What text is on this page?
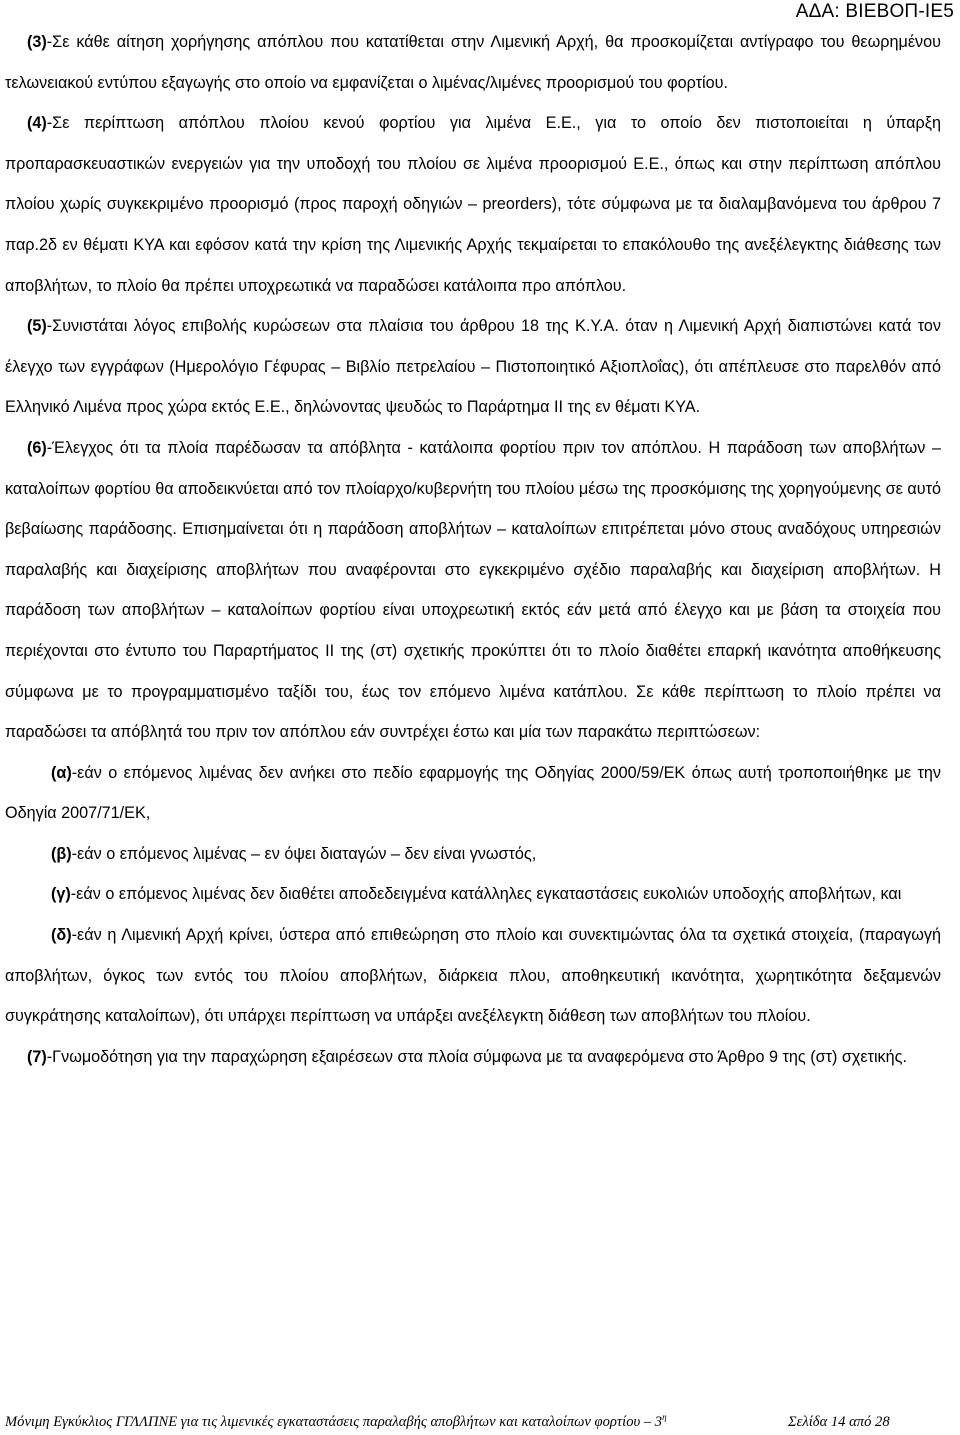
ΑΔΑ: ΒΙΕΒΟΠ-ΙΕ5

(3)-Σε κάθε αίτηση χορήγησης απόπλου που κατατίθεται στην Λιμενική Αρχή, θα προσκομίζεται αντίγραφο του θεωρημένου τελωνειακού εντύπου εξαγωγής στο οποίο να εμφανίζεται ο λιμένας/λιμένες προορισμού του φορτίου.

(4)-Σε περίπτωση απόπλου πλοίου κενού φορτίου για λιμένα Ε.Ε., για το οποίο δεν πιστοποιείται η ύπαρξη προπαρασκευαστικών ενεργειών για την υποδοχή του πλοίου σε λιμένα προορισμού Ε.Ε., όπως και στην περίπτωση απόπλου πλοίου χωρίς συγκεκριμένο προορισμό (προς παροχή οδηγιών – preorders), τότε σύμφωνα με τα διαλαμβανόμενα του άρθρου 7 παρ.2δ εν θέματι ΚΥΑ και εφόσον κατά την κρίση της Λιμενικής Αρχής τεκμαίρεται το επακόλουθο της ανεξέλεγκτης διάθεσης των αποβλήτων, το πλοίο θα πρέπει υποχρεωτικά να παραδώσει κατάλοιπα προ απόπλου.

(5)-Συνιστάται λόγος επιβολής κυρώσεων στα πλαίσια του άρθρου 18 της Κ.Υ.Α. όταν η Λιμενική Αρχή διαπιστώνει κατά τον έλεγχο των εγγράφων (Ημερολόγιο Γέφυρας – Βιβλίο πετρελαίου – Πιστοποιητικό Αξιοπλοΐας), ότι απέπλευσε στο παρελθόν από Ελληνικό Λιμένα προς χώρα εκτός Ε.Ε., δηλώνοντας ψευδώς το Παράρτημα ΙΙ της εν θέματι ΚΥΑ.

(6)-Έλεγχος ότι τα πλοία παρέδωσαν τα απόβλητα - κατάλοιπα φορτίου πριν τον απόπλου. Η παράδοση των αποβλήτων – καταλοίπων φορτίου θα αποδεικνύεται από τον πλοίαρχο/κυβερνήτη του πλοίου μέσω της προσκόμισης της χορηγούμενης σε αυτό βεβαίωσης παράδοσης. Επισημαίνεται ότι η παράδοση αποβλήτων – καταλοίπων επιτρέπεται μόνο στους αναδόχους υπηρεσιών παραλαβής και διαχείρισης αποβλήτων που αναφέρονται στο εγκεκριμένο σχέδιο παραλαβής και διαχείριση αποβλήτων. Η παράδοση των αποβλήτων – καταλοίπων φορτίου είναι υποχρεωτική εκτός εάν μετά από έλεγχο και με βάση τα στοιχεία που περιέχονται στο έντυπο του Παραρτήματος ΙΙ της (στ) σχετικής προκύπτει ότι το πλοίο διαθέτει επαρκή ικανότητα αποθήκευσης σύμφωνα με το προγραμματισμένο ταξίδι του, έως τον επόμενο λιμένα κατάπλου. Σε κάθε περίπτωση το πλοίο πρέπει να παραδώσει τα απόβλητά του πριν τον απόπλου εάν συντρέχει έστω και μία των παρακάτω περιπτώσεων:

(α)-εάν ο επόμενος λιμένας δεν ανήκει στο πεδίο εφαρμογής της Οδηγίας 2000/59/ΕΚ όπως αυτή τροποποιήθηκε με την Οδηγία 2007/71/ΕΚ,

(β)-εάν ο επόμενος λιμένας – εν όψει διαταγών – δεν είναι γνωστός,

(γ)-εάν ο επόμενος λιμένας δεν διαθέτει αποδεδειγμένα κατάλληλες εγκαταστάσεις ευκολιών υποδοχής αποβλήτων, και

(δ)-εάν η Λιμενική Αρχή κρίνει, ύστερα από επιθεώρηση στο πλοίο και συνεκτιμώντας όλα τα σχετικά στοιχεία, (παραγωγή αποβλήτων, όγκος των εντός του πλοίου αποβλήτων, διάρκεια πλου, αποθηκευτική ικανότητα, χωρητικότητα δεξαμενών συγκράτησης καταλοίπων), ότι υπάρχει περίπτωση να υπάρξει ανεξέλεγκτη διάθεση των αποβλήτων του πλοίου.

(7)-Γνωμοδότηση για την παραχώρηση εξαιρέσεων στα πλοία σύμφωνα με τα αναφερόμενα στο Άρθρο 9 της (στ) σχετικής.

Μόνιμη Εγκύκλιος ΓΓΛΛΠΝΕ για τις λιμενικές εγκαταστάσεις παραλαβής αποβλήτων και καταλοίπων φορτίου – $3^\eta$	Σελίδα 14 από 28
